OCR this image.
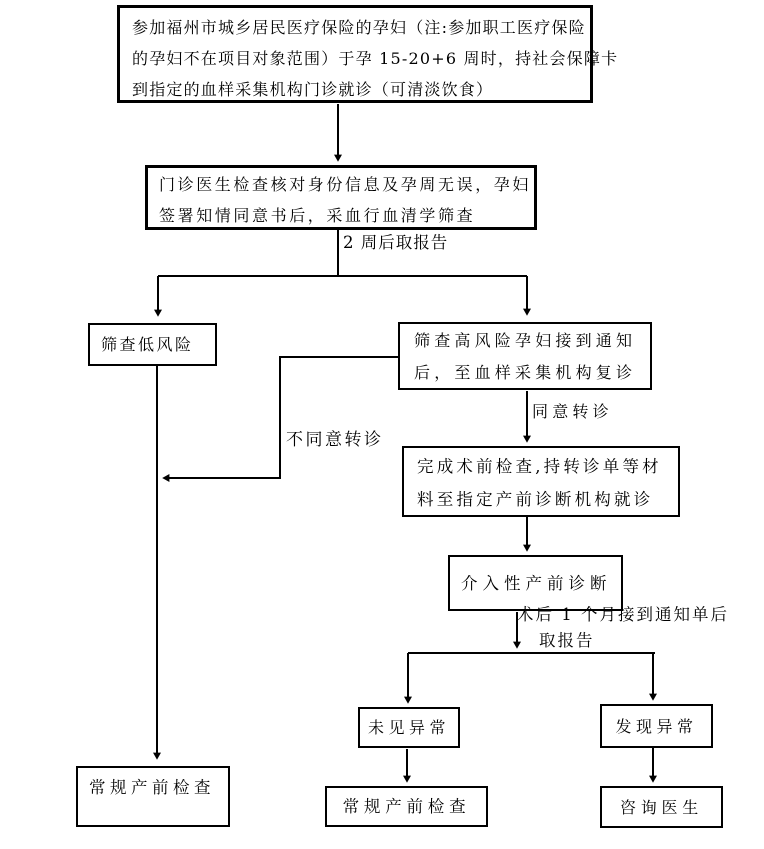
参加福州市城乡居民医疗保险的孕妇（注:参加职工医疗保险
的孕妇不在项目对象范围）于孕 15-20+6 周时，持社会保障卡
到指定的血样采集机构门诊就诊（可清淡饮食）
门诊医生检查核对身份信息及孕周无误，孕妇
签署知情同意书后，采血行血清学筛查
筛查低风险	筛查高风险孕妇接到通知
后，至血样采集机构复诊
完成术前检查,持转诊单等材
料至指定产前诊断机构就诊
介入性产前诊断
未见异常	发现异常
常规产前检查
常规产前检查	咨询医生
2 周后取报告
同意转诊
不同意转诊
术后 1 个月接到通知单后
取报告
